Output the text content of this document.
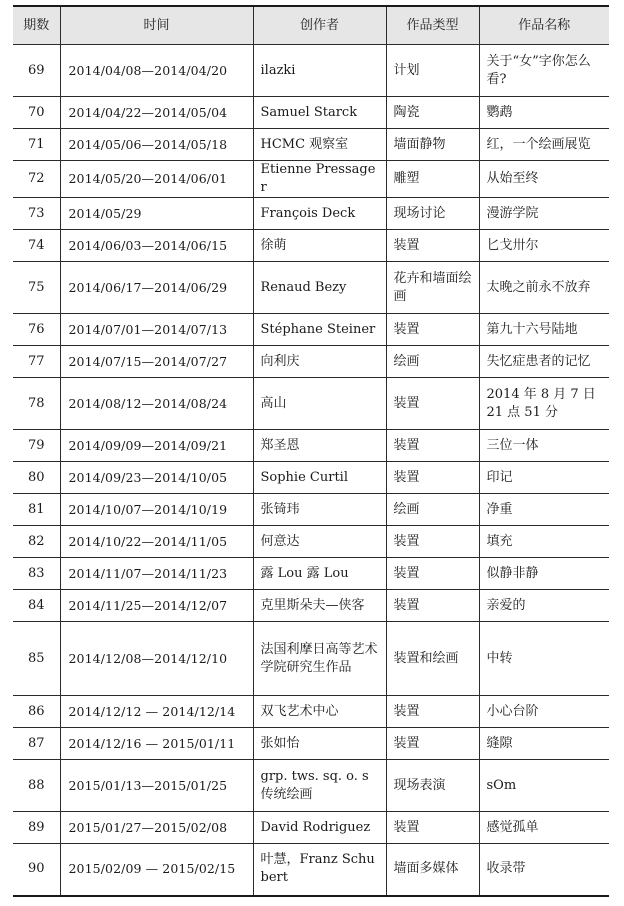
期数	时间	创作者	作品类型	作品名称
69	2014/04/08—2014/04/20	ilazki	计划	关于“女”字你怎么看?
70	2014/04/22—2014/05/04	Samuel Starck	陶瓷	鹦鹉
71	2014/05/06—2014/05/18	HCMC 观察室	墙面静物	红，一个绘画展览
72	2014/05/20—2014/06/01	Etienne Pressager	雕塑	从始至终
73	2014/05/29	François Deck	现场讨论	漫游学院
74	2014/06/03—2014/06/15	徐萌	装置	匕戈卅尔
75	2014/06/17—2014/06/29	Renaud Bezy	花卉和墙面绘画	太晚之前永不放弃
76	2014/07/01—2014/07/13	Stéphane Steiner	装置	第九十六号陆地
77	2014/07/15—2014/07/27	向利庆	绘画	失忆症患者的记忆
78	2014/08/12—2014/08/24	高山	装置	2014 年 8 月 7 日 21 点 51 分
79	2014/09/09—2014/09/21	郑圣恩	装置	三位一体
80	2014/09/23—2014/10/05	Sophie Curtil	装置	印记
81	2014/10/07—2014/10/19	张锜玮	绘画	净重
82	2014/10/22—2014/11/05	何意达	装置	填充
83	2014/11/07—2014/11/23	露 Lou 露 Lou	装置	似静非静
84	2014/11/25—2014/12/07	克里斯朵夫—侠客	装置	亲爱的
85	2014/12/08—2014/12/10	法国利摩日高等艺术学院研究生作品	装置和绘画	中转
86	2014/12/12 — 2014/12/14	双飞艺术中心	装置	小心台阶
87	2014/12/16 — 2015/01/11	张如怡	装置	缝隙
88	2015/01/13—2015/01/25	grp. tws. sq. o. s 传统绘画	现场表演	sOm
89	2015/01/27—2015/02/08	David Rodriguez	装置	感觉孤单
90	2015/02/09 — 2015/02/15	叶慧，Franz Schubert	墙面多媒体	收录带
